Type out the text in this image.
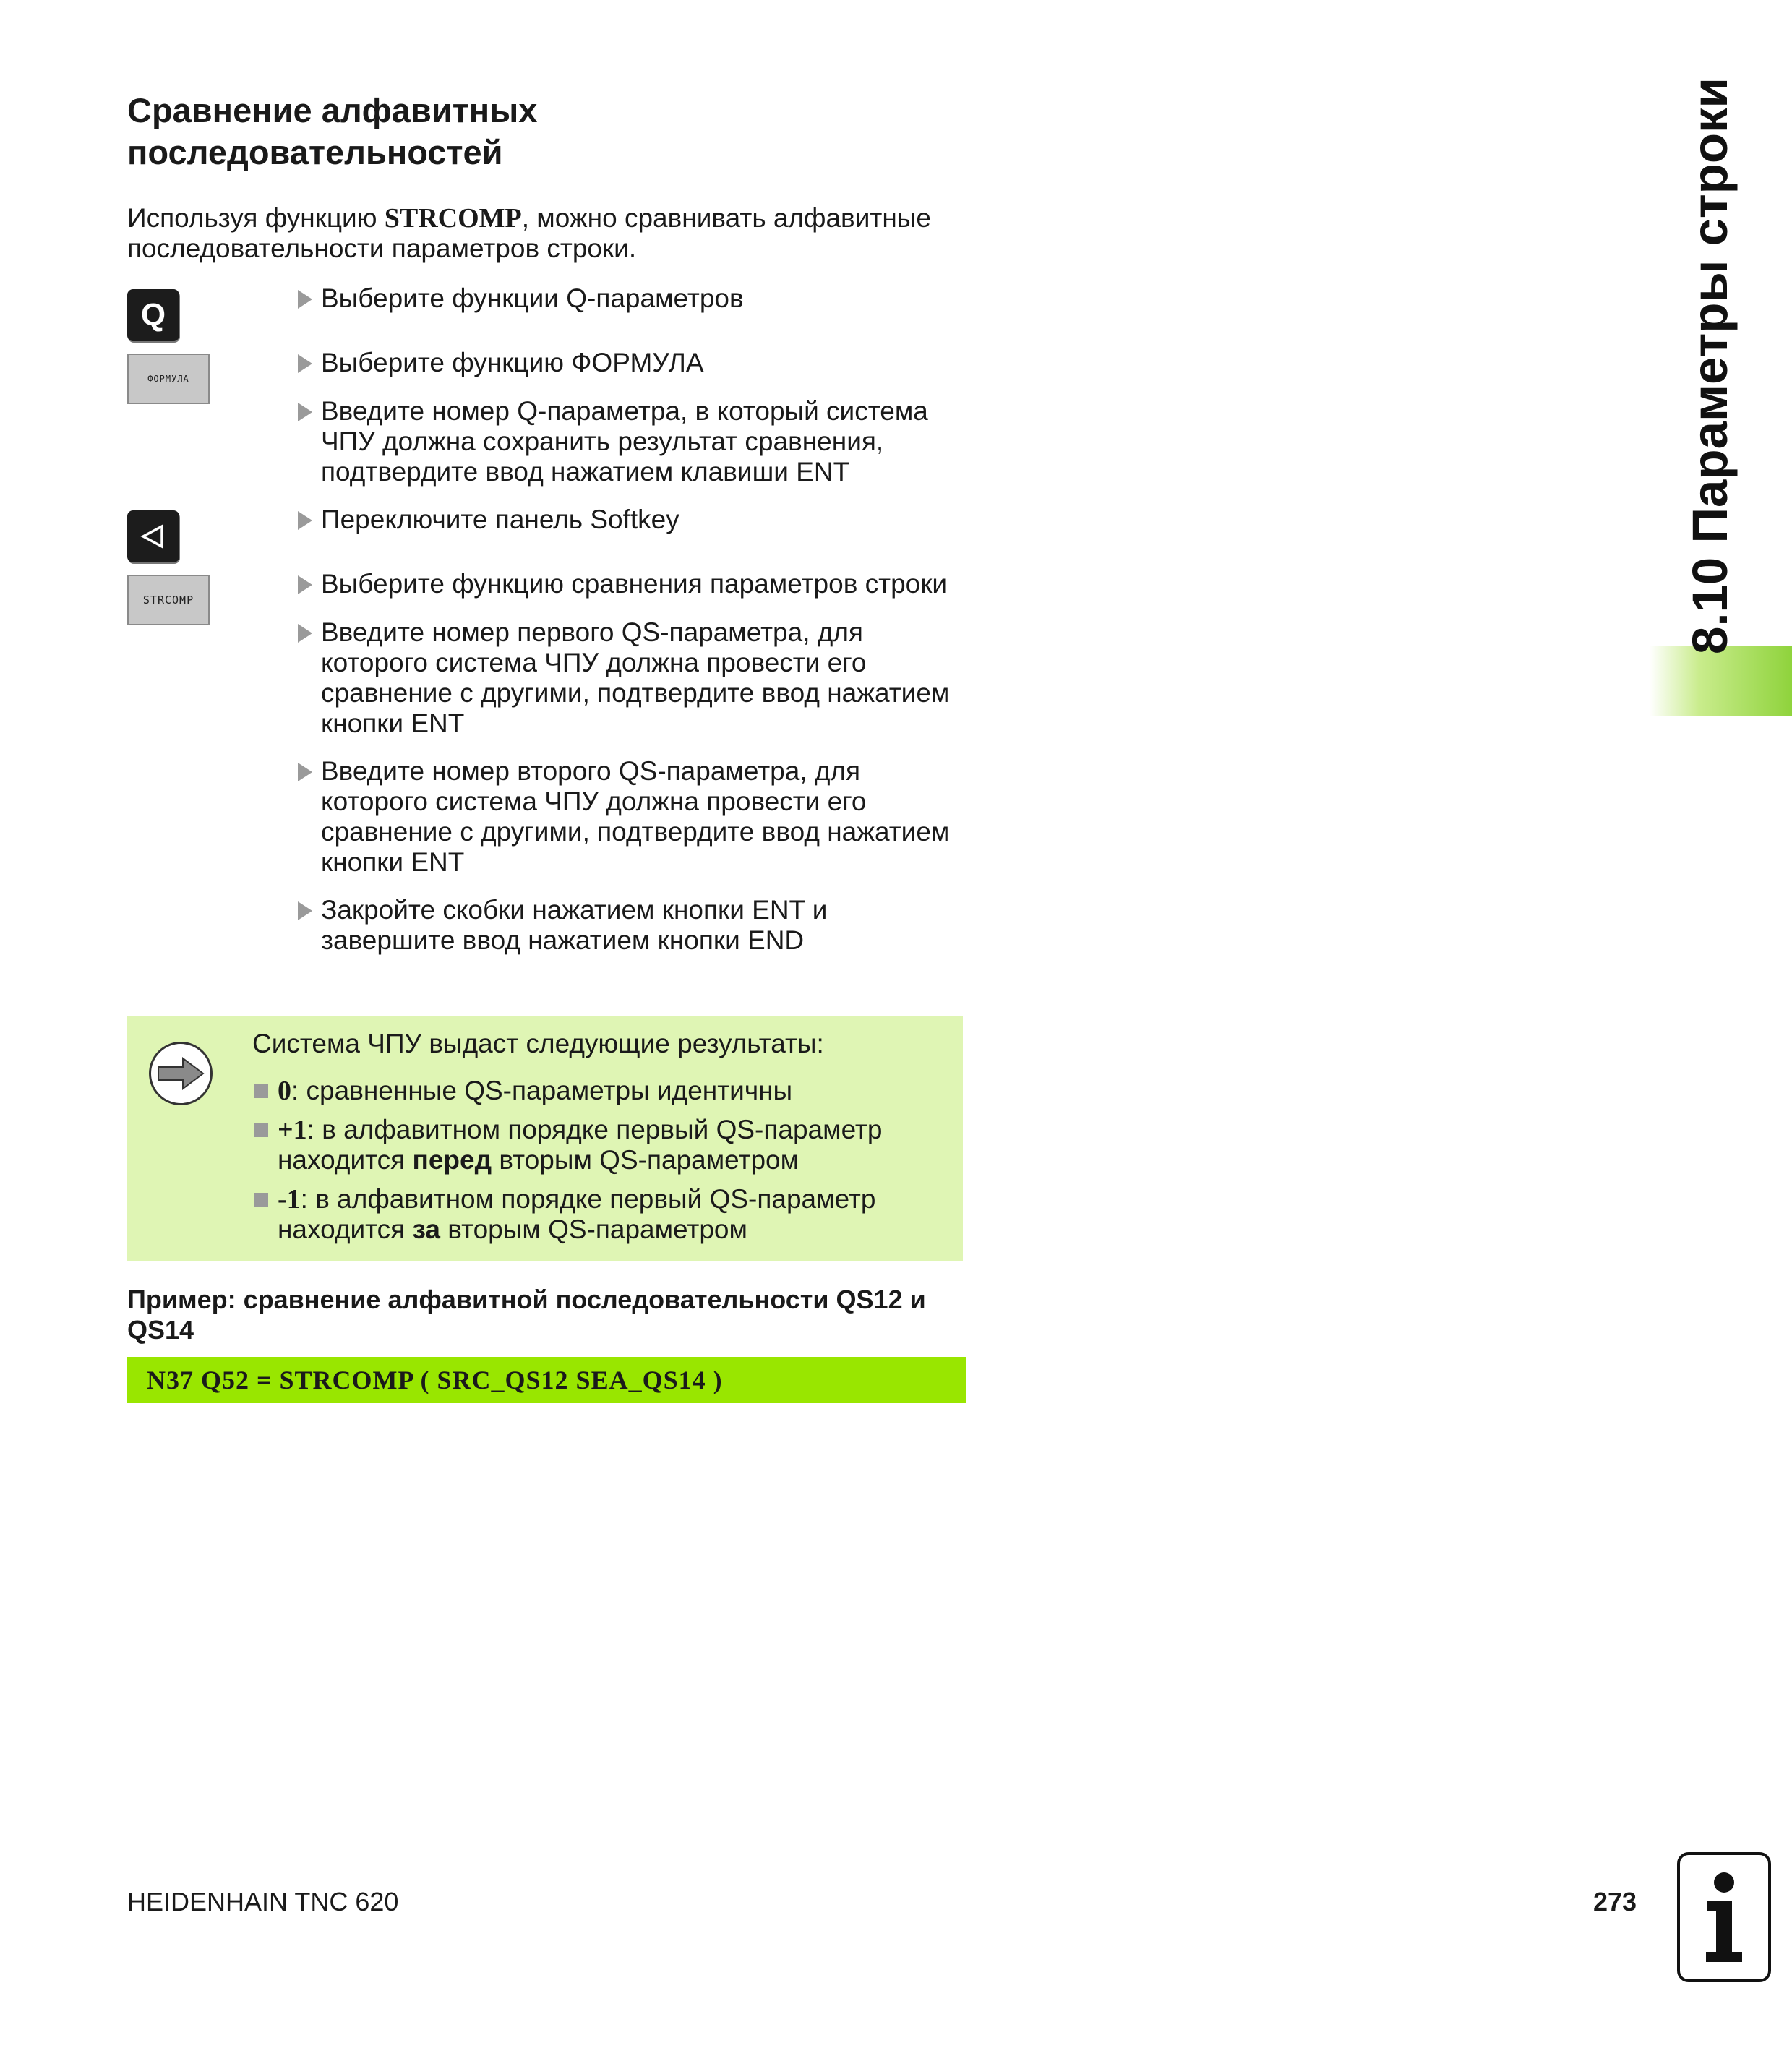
Сравнение алфавитных
последовательностей
Используя функцию STRCOMP, можно сравнивать алфавитные
последовательности параметров строки.
Q
ФОРМУЛА
STRCOMP
Выберите функции Q-параметров
Выберите функцию ФОРМУЛА
Введите номер Q-параметра, в который система
ЧПУ должна сохранить результат сравнения,
подтвердите ввод нажатием клавиши ENT
Переключите панель Softkey
Выберите функцию сравнения параметров строки
Введите номер первого QS-параметра, для
которого система ЧПУ должна провести его
сравнение с другими, подтвердите ввод нажатием
кнопки ENT
Введите номер второго QS-параметра, для
которого система ЧПУ должна провести его
сравнение с другими, подтвердите ввод нажатием
кнопки ENT
Закройте скобки нажатием кнопки ENT и
завершите ввод нажатием кнопки END
Система ЧПУ выдаст следующие результаты:
0: сравненные QS-параметры идентичны
+1: в алфавитном порядке первый QS-параметр
находится перед вторым QS-параметром
-1: в алфавитном порядке первый QS-параметр
находится за вторым QS-параметром
Пример: сравнение алфавитной последовательности QS12 и
QS14
N37 Q52 = STRCOMP ( SRC_QS12 SEA_QS14 )
8.10 Параметры строки
HEIDENHAIN TNC 620	273
